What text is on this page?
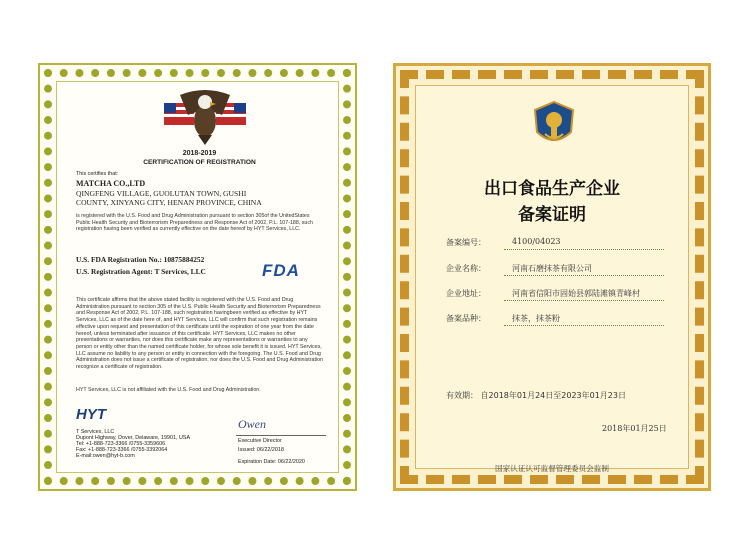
2018-2019
CERTIFICATION OF REGISTRATION
This certifies that:
MATCHA CO.,LTD
QINGFENG VILLAGE, GUOLUTAN TOWN, GUSHI
COUNTY, XINYANG CITY, HENAN PROVINCE, CHINA
is registered with the U.S. Food and Drug Administration pursuant to section 305of the UnitedStates Public Health Security and Bioterrorism Preparedness and Response Act of 2002, P.L. 107-188, such registration having been verified as currently effective on the date hereof by HYT Services, LLC.
U.S. FDA Registration No.: 10875884252
U.S. Registration Agent: T Services, LLC	FDA
This certificate affirms that the above stated facility is registered with the U.S. Food and Drug Administration pursuant to section 305 of the U.S. Public Health Security and Bioterrorism Preparedness and Response Act of 2002, P.L. 107-188, such registration havingbeen verified as effective by HYT Services, LLC as of the date here of, and HYT Services, LLC will confirm that such registration remains effective upon request and presentation of this certificate until the expiration of one year from the date hereof, unless terminated after issuance of this certificate. HYT Services, LLC makes no other presentations or warranties, nor does this certificate make any representations or warranties to any person or entity other than the named certificate holder, for whose sole benefit it is issued. HYT Services, LLC assume no liability to any person or entity in connection with the foregoing. The U.S. Food and Drug Administration does not issue a certificate of registration, nor does the U.S. Food and Drug Administration recognize a certificate of registration.
HYT Services, LLC is not affiliated with the U.S. Food and Drug Administration.
HYT
T Services, LLC
Dupont Highway, Dover, Delaware, 19901, USA
Tel: +1-888-723-3366 /0755-3359606
Fax: +1-888-723-3366 /0755-3392064
E-mail:owen@hyt-b.com
Owen
Executive Director
Issued: 06/22/2018
Expiration Date: 06/22/2020
出口食品生产企业
备案证明
备案编号：	4100/04023
企业名称：	河南石磨抹茶有限公司
企业地址：	河南省信阳市固始县郭陆滩镇青峰村
备案品种：	抹茶，抹茶粉
有效期： 自2018年01月24日至2023年01月23日
2018年01月25日
国家认证认可监督管理委员会监制
